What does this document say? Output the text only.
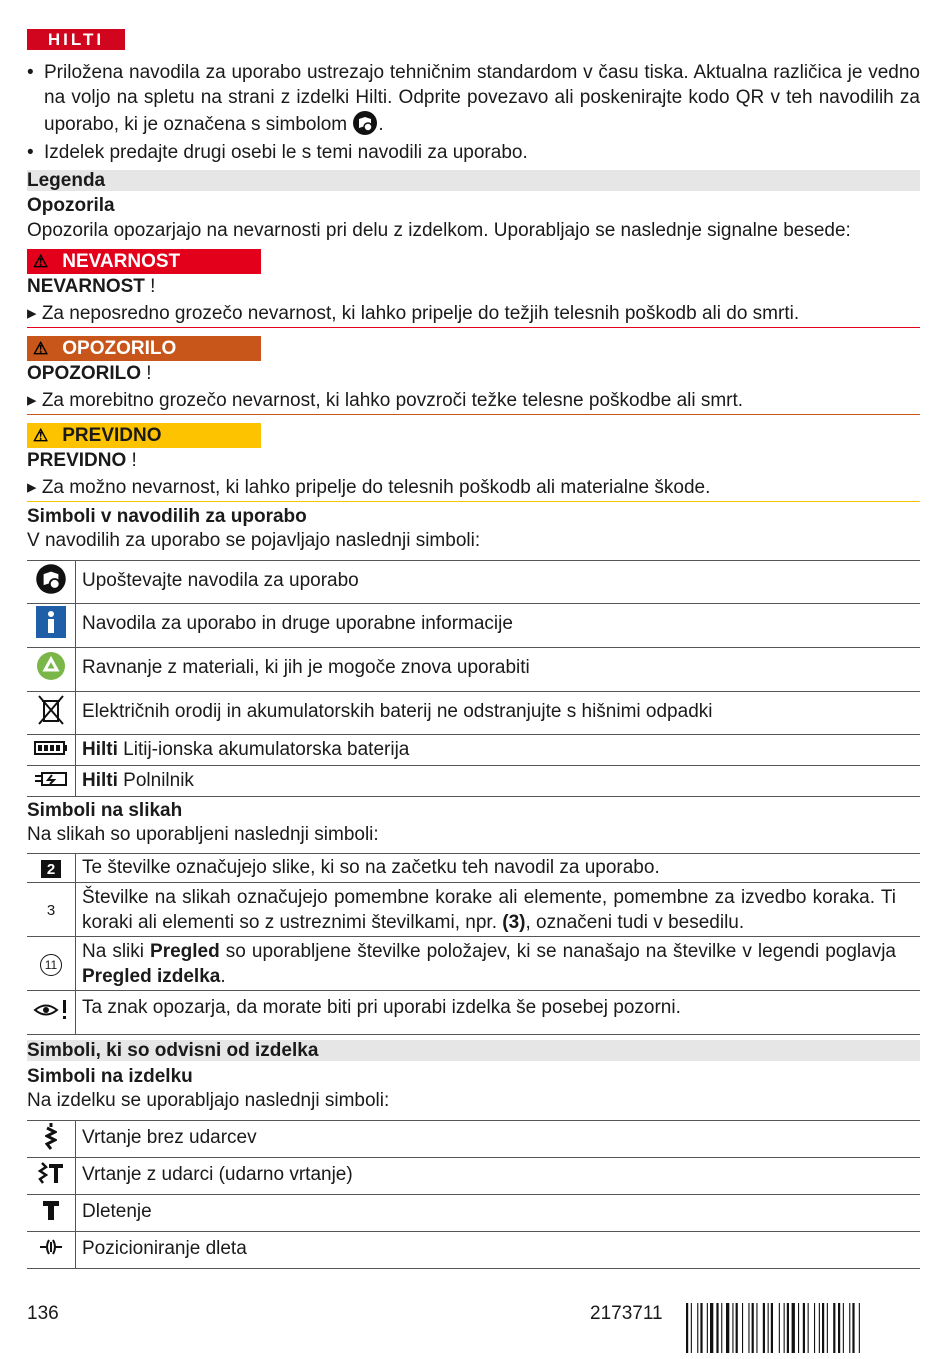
HILTI
• Priložena navodila za uporabo ustrezajo tehničnim standardom v času tiska. Aktualna različica je vedno na voljo na spletu na strani z izdelki Hilti. Odprite povezavo ali poskenirajte kodo QR v teh navodilih za uporabo, ki je označena s simbolom .
• Izdelek predajte drugi osebi le s temi navodili za uporabo.
Legenda
Opozorila
Opozorila opozarjajo na nevarnosti pri delu z izdelkom. Uporabljajo se naslednje signalne besede:
⚠ NEVARNOST
NEVARNOST !
▸ Za neposredno grozečo nevarnost, ki lahko pripelje do težjih telesnih poškodb ali do smrti.
⚠ OPOZORILO
OPOZORILO !
▸ Za morebitno grozečo nevarnost, ki lahko povzroči težke telesne poškodbe ali smrt.
⚠ PREVIDNO
PREVIDNO !
▸ Za možno nevarnost, ki lahko pripelje do telesnih poškodb ali materialne škode.
Simboli v navodilih za uporabo
V navodilih za uporabo se pojavljajo naslednji simboli:
	Upoštevajte navodila za uporabo
	Navodila za uporabo in druge uporabne informacije
	Ravnanje z materiali, ki jih je mogoče znova uporabiti
	Električnih orodij in akumulatorskih baterij ne odstranjujte s hišnimi odpadki
	Hilti Litij-ionska akumulatorska baterija
	Hilti Polnilnik
Simboli na slikah
Na slikah so uporabljeni naslednji simboli:
2	Te številke označujejo slike, ki so na začetku teh navodil za uporabo.
3	Številke na slikah označujejo pomembne korake ali elemente, pomembne za izvedbo koraka. Ti koraki ali elementi so z ustreznimi številkami, npr. (3), označeni tudi v besedilu.
11	Na sliki Pregled so uporabljene številke položajev, ki se nanašajo na številke v legendi poglavja Pregled izdelka.
	Ta znak opozarja, da morate biti pri uporabi izdelka še posebej pozorni.
Simboli, ki so odvisni od izdelka
Simboli na izdelku
Na izdelku se uporabljajo naslednji simboli:
	Vrtanje brez udarcev
	Vrtanje z udarci (udarno vrtanje)
	Dletenje
	Pozicioniranje dleta
136	2173711
